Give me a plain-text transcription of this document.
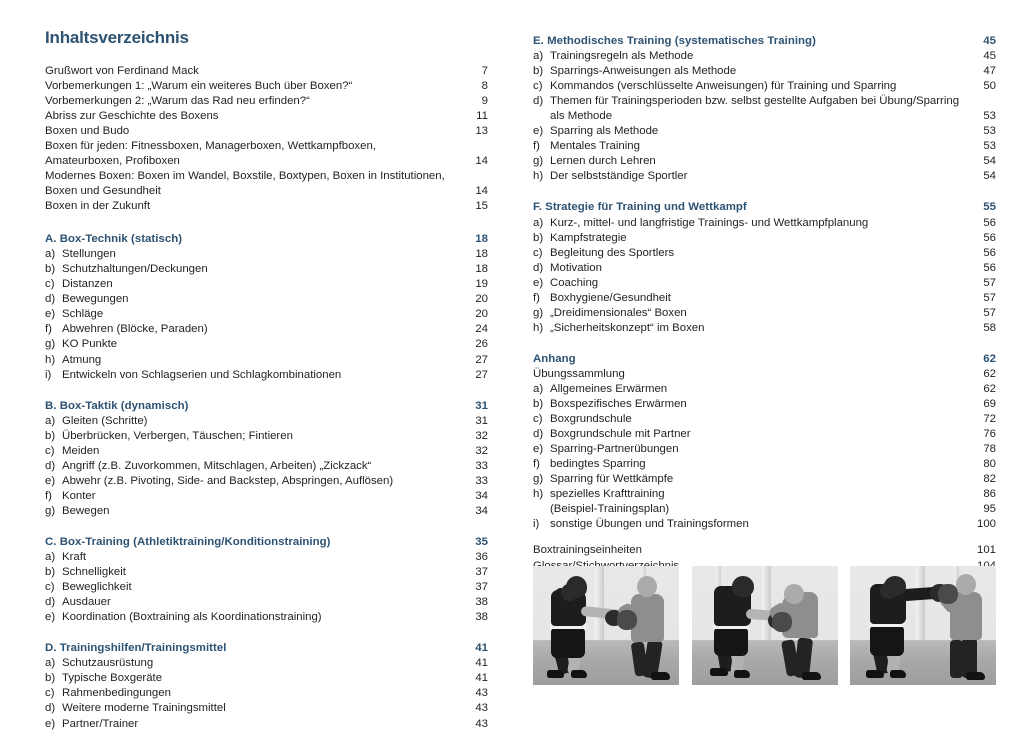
Inhaltsverzeichnis
Grußwort von Ferdinand Mack	7
Vorbemerkungen 1: „Warum ein weiteres Buch über Boxen?“	8
Vorbemerkungen 2: „Warum das Rad neu erfinden?“	9
Abriss zur Geschichte des Boxens	11
Boxen und Budo	13
Boxen für jeden: Fitnessboxen, Managerboxen, Wettkampfboxen, Amateurboxen, Profiboxen	14
Modernes Boxen: Boxen im Wandel, Boxstile, Boxtypen, Boxen in Institutionen, Boxen und Gesundheit	14
Boxen in der Zukunft	15
A. Box-Technik (statisch)	18
a) Stellungen	18
b) Schutzhaltungen/Deckungen	18
c) Distanzen	19
d) Bewegungen	20
e) Schläge	20
f) Abwehren (Blöcke, Paraden)	24
g) KO Punkte	26
h) Atmung	27
i) Entwickeln von Schlagserien und Schlagkombinationen	27
B. Box-Taktik (dynamisch)	31
a) Gleiten (Schritte)	31
b) Überbrücken, Verbergen, Täuschen; Fintieren	32
c) Meiden	32
d) Angriff (z.B. Zuvorkommen, Mitschlagen, Arbeiten) „Zickzack“	33
e) Abwehr (z.B. Pivoting, Side- and Backstep, Abspringen, Auflösen)	33
f) Konter	34
g) Bewegen	34
C. Box-Training (Athletiktraining/Konditionstraining)	35
a) Kraft	36
b) Schnelligkeit	37
c) Beweglichkeit	37
d) Ausdauer	38
e) Koordination (Boxtraining als Koordinationstraining)	38
D. Trainingshilfen/Trainingsmittel	41
a) Schutzausrüstung	41
b) Typische Boxgeräte	41
c) Rahmenbedingungen	43
d) Weitere moderne Trainingsmittel	43
e) Partner/Trainer	43
E. Methodisches Training (systematisches Training)	45
a) Trainingsregeln als Methode	45
b) Sparrings-Anweisungen als Methode	47
c) Kommandos (verschlüsselte Anweisungen) für Training und Sparring	50
d) Themen für Trainingsperioden bzw. selbst gestellte Aufgaben bei Übung/Sparring als Methode	53
e) Sparring als Methode	53
f) Mentales Training	53
g) Lernen durch Lehren	54
h) Der selbstständige Sportler	54
F. Strategie für Training und Wettkampf	55
a) Kurz-, mittel- und langfristige Trainings- und Wettkampfplanung	56
b) Kampfstrategie	56
c) Begleitung des Sportlers	56
d) Motivation	56
e) Coaching	57
f) Boxhygiene/Gesundheit	57
g) „Dreidimensionales“ Boxen	57
h) „Sicherheitskonzept“ im Boxen	58
Anhang	62
Übungssammlung	62
a) Allgemeines Erwärmen	62
b) Boxspezifisches Erwärmen	69
c) Boxgrundschule	72
d) Boxgrundschule mit Partner	76
e) Sparring-Partnerübungen	78
f) bedingtes Sparring	80
g) Sparring für Wettkämpfe	82
h) spezielles Krafttraining	86
(Beispiel-Trainingsplan)	95
i) sonstige Übungen und Trainingsformen	100
Boxtrainingseinheiten	101
